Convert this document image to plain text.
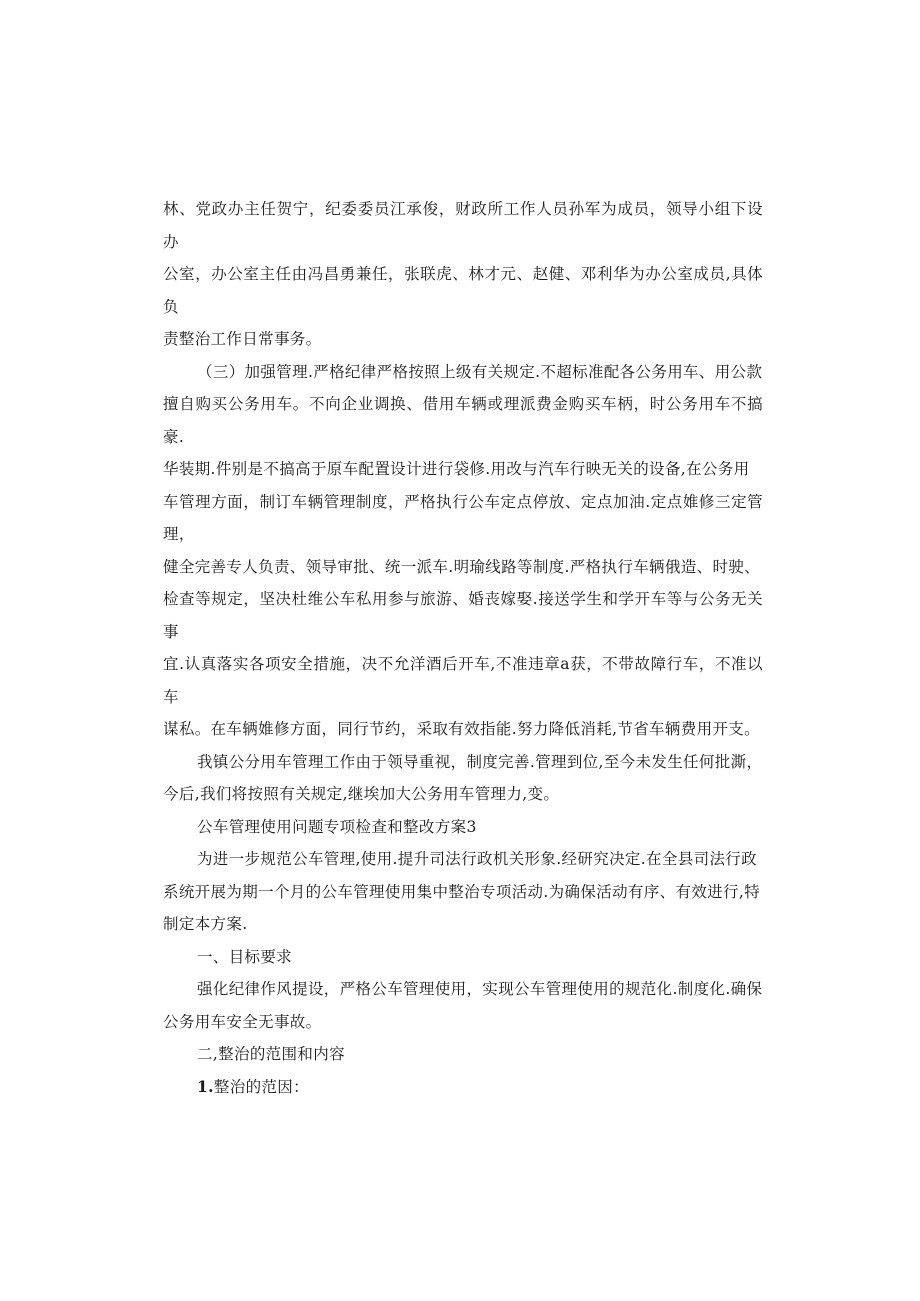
林、党政办主任贺宁，纪委委员江承俊，财政所工作人员孙军为成员，领导小组下设办
公室，办公室主任由冯昌勇兼任，张联虎、林才元、赵健、邓利华为办公室成员,具体负
责整治工作日常事务。

（三）加强管理.严格纪律严格按照上级有关规定.不超标准配各公务用车、用公款
擅自购买公务用车。不向企业调换、借用车辆或理派费金购买车柄，时公务用车不搞豪.
华装期.件别是不搞高于原车配置设计进行袋修.用改与汽车行映无关的设备,在公务用
车管理方面，制订车辆管理制度，严格执行公车定点停放、定点加油.定点婎修三定管理，
健全完善专人负责、领导审批、统一派车.明瑜线路等制度.严格执行车辆俄造、时驶、
检查等规定，坚决杜维公车私用参与旅游、婚丧嫁娶.接送学生和学开车等与公务无关事
宜.认真落实各项安全措施，决不允洋酒后开车,不准违章a获，不带故障行车，不准以车
谋私。在车辆婎修方面，同行节约，采取有效指能.努力降低消耗,节省车辆费用开支。

我镇公分用车管理工作由于领导重视，制度完善.管理到位,至今未发生任何批澌，
今后,我们将按照有关规定,继埃加大公务用车管理力,变。

公车管理使用问题专项检查和整改方案3

为进一步规范公车管理,使用.提升司法行政机关形象.经研究决定.在全县司法行政
系统开展为期一个月的公车管理使用集中整治专项活动.为确保活动有序、有效进行,特
制定本方案.

一、目标要求

强化纪律作风提设，严格公车管理使用，实现公车管理使用的规范化.制度化.确保
公务用车安全无事故。

二,整治的范围和内容

1.整治的范因：
